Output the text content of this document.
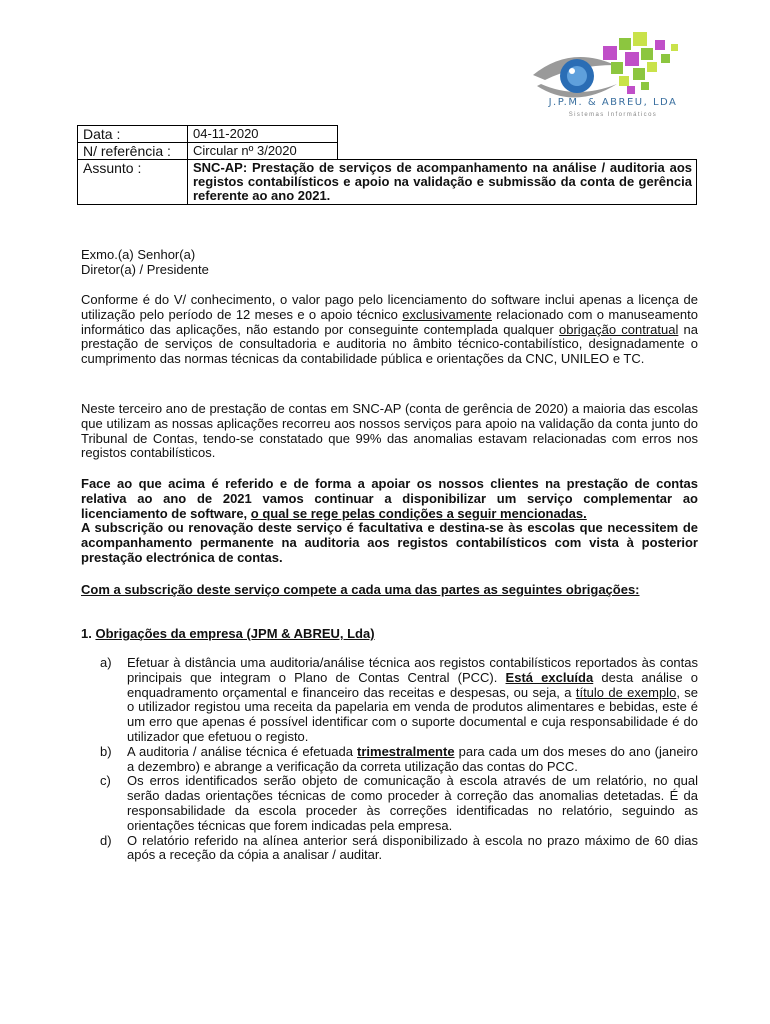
J.P.M. & ABREU, LDA
Sistemas Informáticos
Data :	04-11-2020	
N/ referência :	Circular nº 3/2020	
Assunto :	SNC-AP: Prestação de serviços de acompanhamento na análise / auditoria aos registos contabilísticos e apoio na validação e submissão da conta de gerência referente ao ano 2021.	

Exmo.(a) Senhor(a)

Diretor(a) / Presidente

Conforme é do V/ conhecimento, o valor pago pelo licenciamento do software inclui apenas a licença de utilização pelo período de 12 meses e o apoio técnico exclusivamente relacionado com o manuseamento informático das aplicações, não estando por conseguinte contemplada qualquer obrigação contratual na prestação de serviços de consultadoria e auditoria no âmbito técnico-contabilístico, designadamente o cumprimento das normas técnicas da contabilidade pública e orientações da CNC, UNILEO e TC.

Neste terceiro ano de prestação de contas em SNC-AP (conta de gerência de 2020) a maioria das escolas que utilizam as nossas aplicações recorreu aos nossos serviços para apoio na validação da conta junto do Tribunal de Contas, tendo-se constatado que 99% das anomalias estavam relacionadas com erros nos registos contabilísticos.

Face ao que acima é referido e de forma a apoiar os nossos clientes na prestação de contas relativa ao ano de 2021 vamos continuar a disponibilizar um serviço complementar ao licenciamento de software, o qual se rege pelas condições a seguir mencionadas.

A subscrição ou renovação deste serviço é facultativa e destina-se às escolas que necessitem de acompanhamento permanente na auditoria aos registos contabilísticos com vista à posterior prestação electrónica de contas.

Com a subscrição deste serviço compete a cada uma das partes as seguintes obrigações:
1. Obrigações da empresa (JPM & ABREU, Lda)
a) Efetuar à distância uma auditoria/análise técnica aos registos contabilísticos reportados às contas principais que integram o Plano de Contas Central (PCC). Está excluída desta análise o enquadramento orçamental e financeiro das receitas e despesas, ou seja, a título de exemplo, se o utilizador registou uma receita da papelaria em venda de produtos alimentares e bebidas, este é um erro que apenas é possível identificar com o suporte documental e cuja responsabilidade é do utilizador que efetuou o registo.
b) A auditoria / análise técnica é efetuada trimestralmente para cada um dos meses do ano (janeiro a dezembro) e abrange a verificação da correta utilização das contas do PCC.
c) Os erros identificados serão objeto de comunicação à escola através de um relatório, no qual serão dadas orientações técnicas de como proceder à correção das anomalias detetadas. É da responsabilidade da escola proceder às correções identificadas no relatório, seguindo as orientações técnicas que forem indicadas pela empresa.
d) O relatório referido na alínea anterior será disponibilizado à escola no prazo máximo de 60 dias após a receção da cópia a analisar / auditar.
